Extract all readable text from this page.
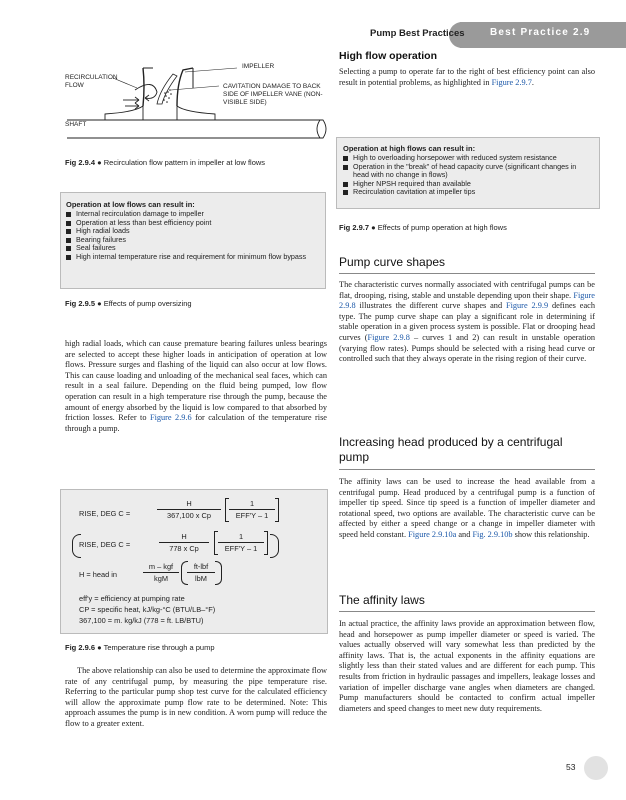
Pump Best Practices	Best Practice 2.9
IMPELLER
RECIRCULATION
FLOW	CAVITATION DAMAGE TO BACK
SIDE OF IMPELLER VANE (NON-
VISIBLE SIDE)
SHAFT
Fig 2.9.4 ● Recirculation flow pattern in impeller at low flows
Operation at low flows can result in:
Internal recirculation damage to impeller
Operation at less than best efficiency point
High radial loads
Bearing failures
Seal failures
High internal temperature rise and requirement for minimum flow bypass
Fig 2.9.5 ● Effects of pump oversizing
high radial loads, which can cause premature bearing failures unless bearings are selected to accept these higher loads in anticipation of operation at low flows. Pressure surges and flashing of the liquid can also occur at low flows. This can cause loading and unloading of the mechanical seal faces, which can result in a seal failure. Depending on the fluid being pumped, low flow operation can result in a high temperature rise through the pump, because the amount of energy absorbed by the liquid is low compared to that absorbed by friction losses. Refer to Figure 2.9.6 for calculation of the temperature rise through a pump.
RISE, DEG C =
H
367,100 x Cp
1
EFF'Y – 1
RISE, DEG C =
H
778 x Cp
1
EFF'Y – 1
H = head in
m – kgf
kgM
ft-lbf
lbM
eff'y = efficiency at pumping rate
CP = specific heat, kJ/kg-°C (BTU/LB–°F)
367,100 = m. kg/kJ (778 = ft. LB/BTU)
Fig 2.9.6 ● Temperature rise through a pump
The above relationship can also be used to determine the approximate flow rate of any centrifugal pump, by measuring the pipe temperature rise. Referring to the particular pump shop test curve for the calculated efficiency will allow the approximate pump flow rate to be determined. Note: This approach assumes the pump is in new condition. A worn pump will reduce the flow to a greater extent.
High flow operation
Selecting a pump to operate far to the right of best efficiency point can also result in potential problems, as highlighted in Figure 2.9.7.
Operation at high flows can result in:
High to overloading horsepower with reduced system resistance
Operation in the "break" of head capacity curve (significant changes in head with no change in flows)
Higher NPSH required than available
Recirculation cavitation at impeller tips
Fig 2.9.7 ● Effects of pump operation at high flows
Pump curve shapes
The characteristic curves normally associated with centrifugal pumps can be flat, drooping, rising, stable and unstable depending upon their shape. Figure 2.9.8 illustrates the different curve shapes and Figure 2.9.9 defines each type. The pump curve shape can play a significant role in determining if stable operation in a given process system is possible. Flat or drooping head curves (Figure 2.9.8 – curves 1 and 2) can result in unstable operation (varying flow rates). Pumps should be selected with a rising head curve or controlled such that they always operate in the rising region of their curve.
Increasing head produced by a centrifugal
pump
The affinity laws can be used to increase the head available from a centrifugal pump. Head produced by a centrifugal pump is a function of impeller tip speed. Since tip speed is a function of impeller diameter and rotational speed, two options are available. The characteristic curve can be affected by either a speed change or a change in impeller diameter with speed held constant. Figure 2.9.10a and Fig. 2.9.10b show this relationship.
The affinity laws
In actual practice, the affinity laws provide an approximation between flow, head and horsepower as pump impeller diameter or speed is varied. The values actually observed will vary somewhat less than predicted by the affinity laws. That is, the actual exponents in the affinity equations are slightly less than their stated values and are different for each pump. This results from friction in hydraulic passages and impellers, leakage losses and variation of impeller discharge vane angles when diameters are changed. Pump manufacturers should be contacted to confirm actual impeller diameters and speed changes to meet new duty requirements.
53
